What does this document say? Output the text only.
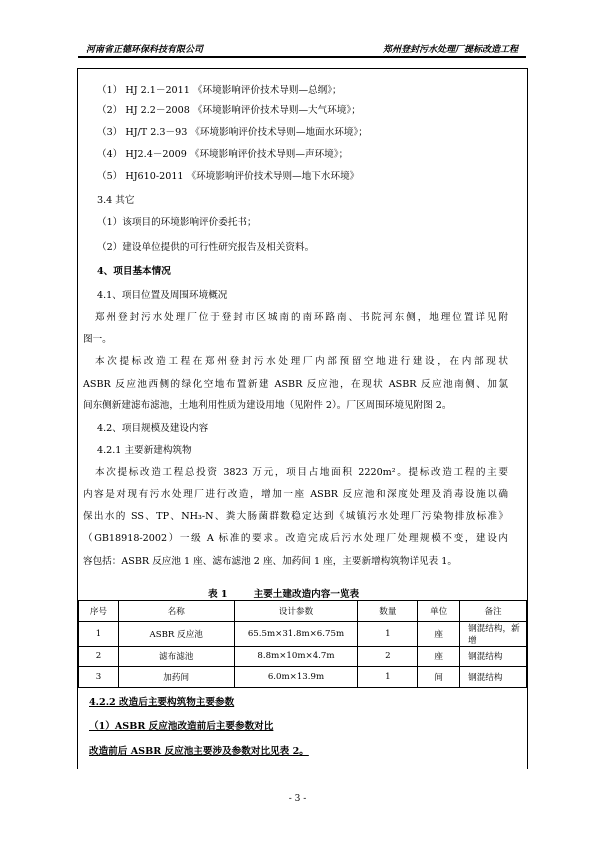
河南省正德环保科技有限公司	郑州登封污水处理厂提标改造工程
（1） HJ 2.1－2011 《环境影响评价技术导则—总纲》；
（2） HJ 2.2－2008 《环境影响评价技术导则—大气环境》；
（3） HJ/T 2.3－93 《环境影响评价技术导则—地面水环境》；
（4） HJ2.4－2009 《环境影响评价技术导则—声环境》；
（5） HJ610-2011 《环境影响评价技术导则—地下水环境》
3.4 其它
（1）该项目的环境影响评价委托书；
（2）建设单位提供的可行性研究报告及相关资料。
4、项目基本情况
4.1、项目位置及周围环境概况
郑州登封污水处理厂位于登封市区城南的南环路南、书院河东侧，地理位置详见附
图一。
本次提标改造工程在郑州登封污水处理厂内部预留空地进行建设，在内部现状
ASBR 反应池西侧的绿化空地布置新建 ASBR 反应池，在现状 ASBR 反应池南侧、加氯
间东侧新建滤布滤池，土地利用性质为建设用地（见附件 2）。厂区周围环境见附图 2。
4.2、项目规模及建设内容
4.2.1 主要新建构筑物
本次提标改造工程总投资 3823 万元，项目占地面积 2220m²。提标改造工程的主要
内容是对现有污水处理厂进行改造，增加一座 ASBR 反应池和深度处理及消毒设施以确
保出水的 SS、TP、NH₃-N、粪大肠菌群数稳定达到《城镇污水处理厂污染物排放标准》
（GB18918-2002）一级 A 标准的要求。改造完成后污水处理厂处理规模不变，建设内
容包括：ASBR 反应池 1 座、滤布滤池 2 座、加药间 1 座，主要新增构筑物详见表 1。
表 1	主要土建改造内容一览表
序号	名称	设计参数	数量	单位	备注
1	ASBR 反应池	65.5m×31.8m×6.75m	1	座	钢混结构，新增
2	滤布滤池	8.8m×10m×4.7m	2	座	钢混结构
3	加药间	6.0m×13.9m	1	间	钢混结构
4.2.2 改造后主要构筑物主要参数
（1）ASBR 反应池改造前后主要参数对比
改造前后 ASBR 反应池主要涉及参数对比见表 2。
- 3 -
